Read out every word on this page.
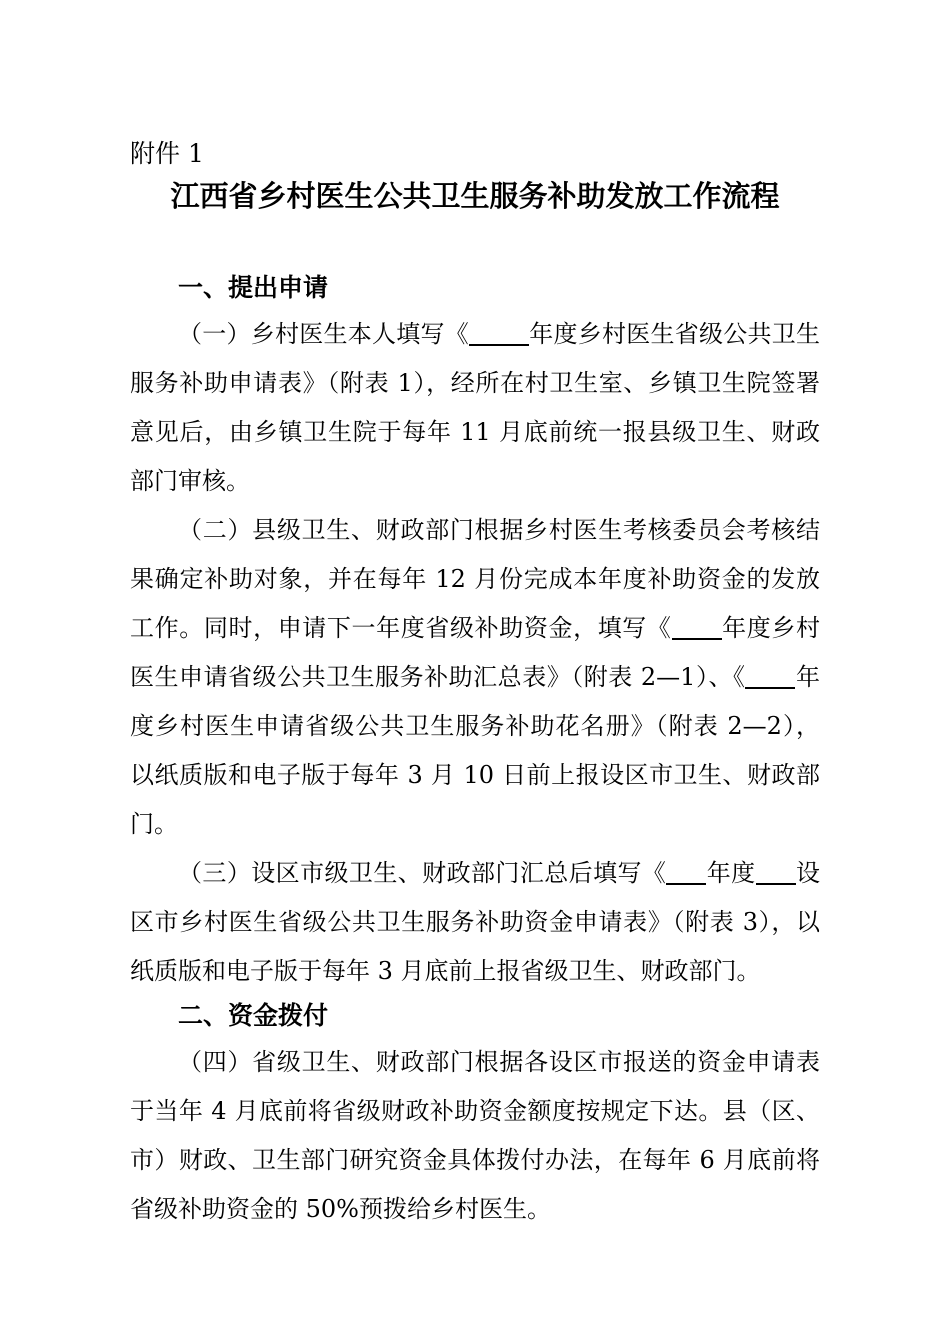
附件 1
江西省乡村医生公共卫生服务补助发放工作流程
一、提出申请
（一）乡村医生本人填写《	年度乡村医生省级公共卫生
服务补助申请表》（附表 1），经所在村卫生室、乡镇卫生院签署
意见后，由乡镇卫生院于每年 11 月底前统一报县级卫生、财政
部门审核。
（二）县级卫生、财政部门根据乡村医生考核委员会考核结
果确定补助对象，并在每年 12 月份完成本年度补助资金的发放
工作。同时，申请下一年度省级补助资金，填写《 年度乡村
医生申请省级公共卫生服务补助汇总表》（附表 2—1）、《 年
度乡村医生申请省级公共卫生服务补助花名册》（附表 2—2），
以纸质版和电子版于每年 3 月 10 日前上报设区市卫生、财政部
门。
（三）设区市级卫生、财政部门汇总后填写《 年度 设
区市乡村医生省级公共卫生服务补助资金申请表》（附表 3），以
纸质版和电子版于每年 3 月底前上报省级卫生、财政部门。
二、资金拨付
（四）省级卫生、财政部门根据各设区市报送的资金申请表
于当年 4 月底前将省级财政补助资金额度按规定下达。县（区、
市）财政、卫生部门研究资金具体拨付办法，在每年 6 月底前将
省级补助资金的 50%预拨给乡村医生。
